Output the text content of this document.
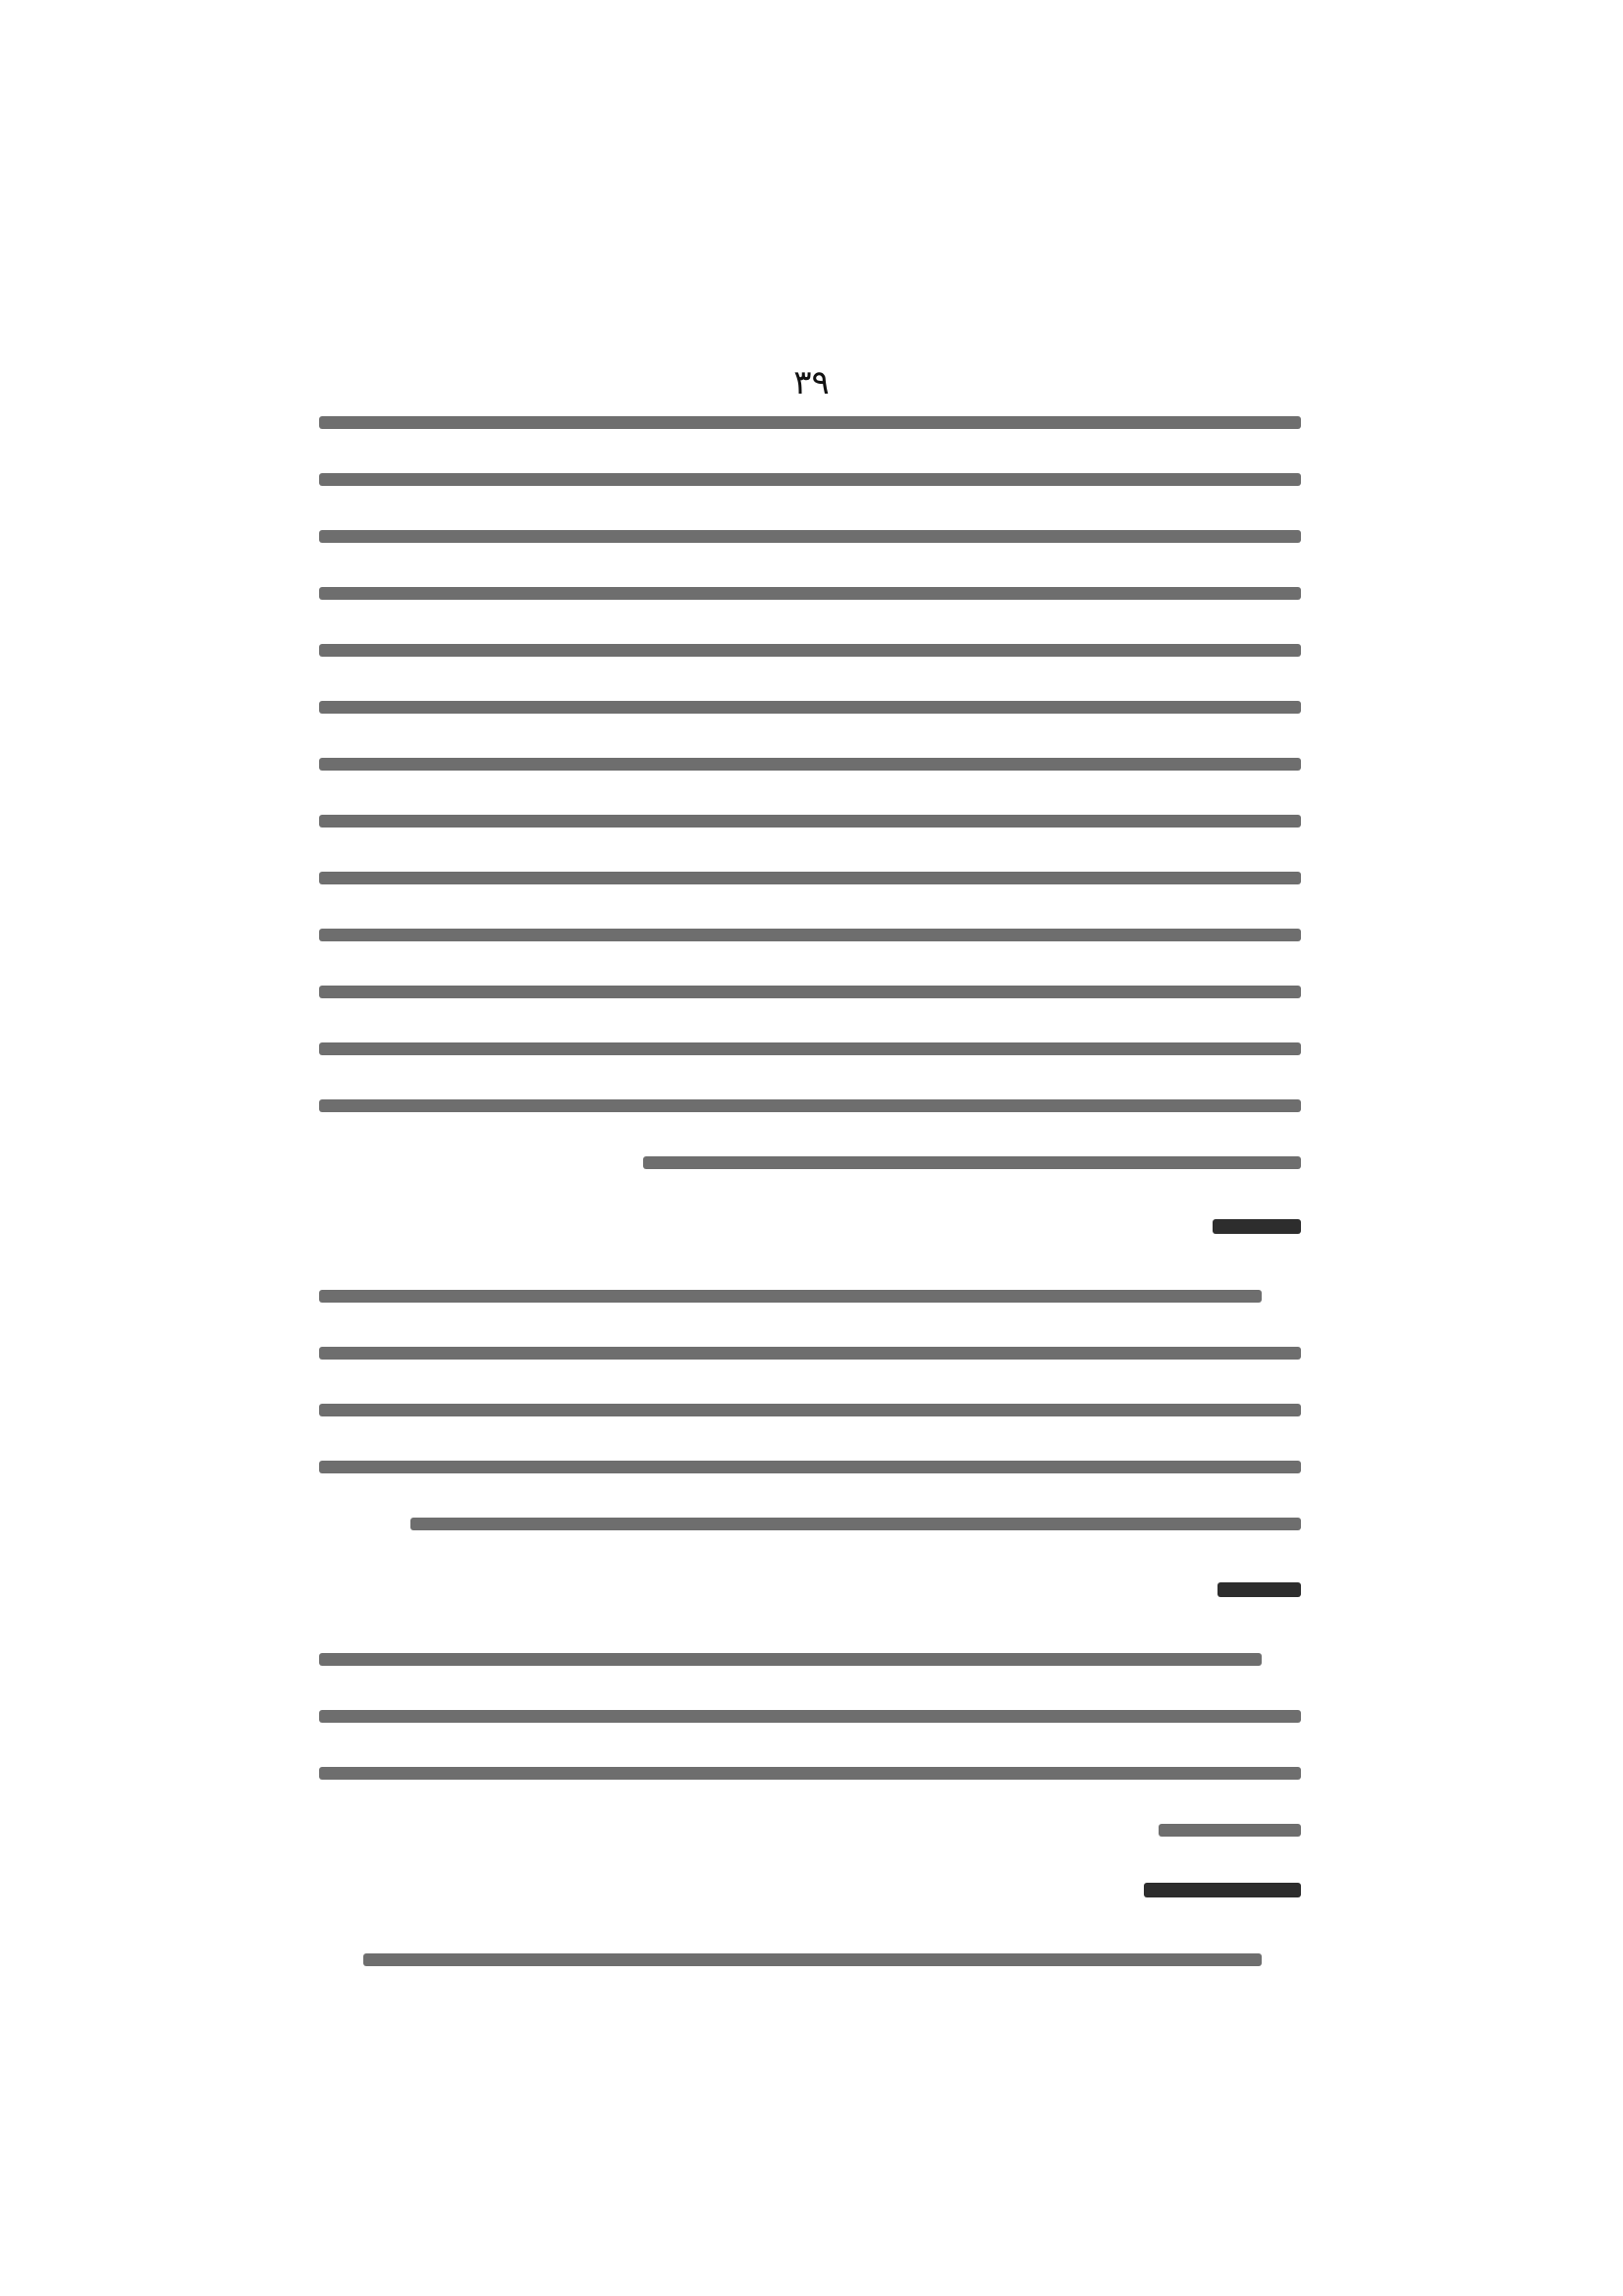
٣٩
